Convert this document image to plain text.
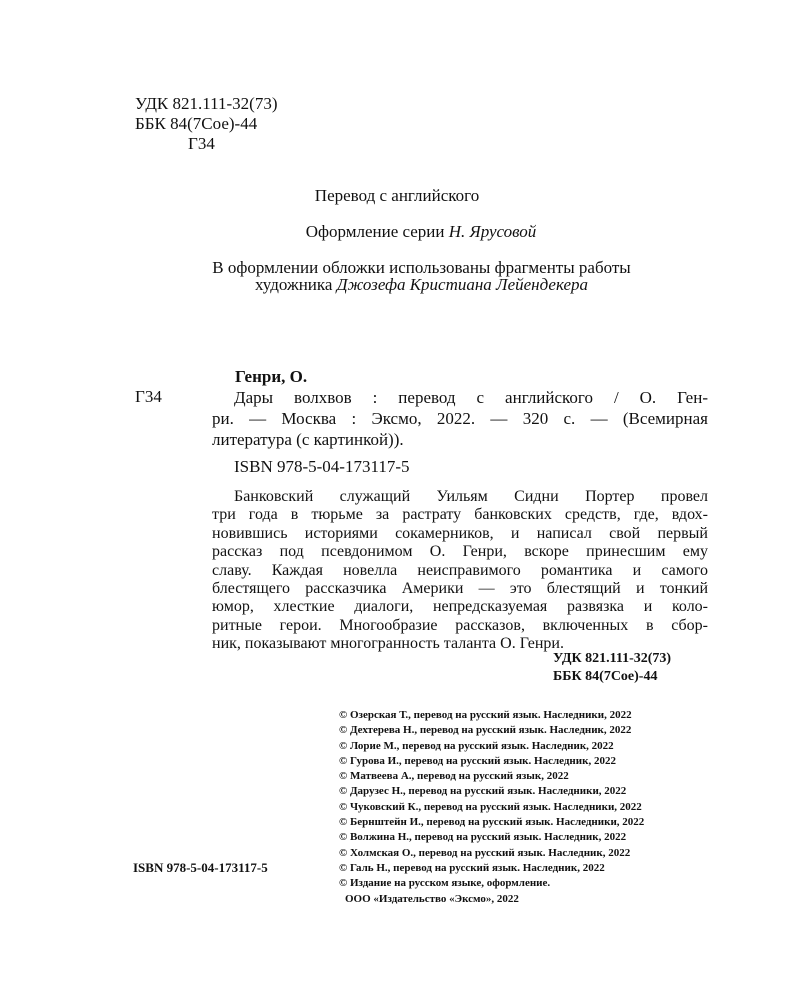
УДК 821.111-32(73)
ББК 84(7Сое)-44
Г34
Перевод с английского
Оформление серии Н. Ярусовой
В оформлении обложки использованы фрагменты работы
художника Джозефа Кристиана Лейендекера
Генри, О.
Г34	Дары волхвов : перевод с английского / О. Ген-
ри. — Москва : Эксмо, 2022. — 320 с. — (Всемирная
литература (с картинкой)).
ISBN 978-5-04-173117-5
Банковский служащий Уильям Сидни Портер провел
три года в тюрьме за растрату банковских средств, где, вдох-
новившись историями сокамерников, и написал свой первый
рассказ под псевдонимом О. Генри, вскоре принесшим ему
славу. Каждая новелла неисправимого романтика и самого
блестящего рассказчика Америки — это блестящий и тонкий
юмор, хлесткие диалоги, непредсказуемая развязка и коло-
ритные герои. Многообразие рассказов, включенных в сбор-
ник, показывают многогранность таланта О. Генри.
УДК 821.111-32(73)
ББК 84(7Сое)-44
© Озерская Т., перевод на русский язык. Наследники, 2022
© Дехтерева Н., перевод на русский язык. Наследник, 2022
© Лорие М., перевод на русский язык. Наследник, 2022
© Гурова И., перевод на русский язык. Наследник, 2022
© Матвеева А., перевод на русский язык, 2022
© Дарузес Н., перевод на русский язык. Наследники, 2022
© Чуковский К., перевод на русский язык. Наследники, 2022
© Бернштейн И., перевод на русский язык. Наследники, 2022
© Волжина Н., перевод на русский язык. Наследник, 2022
© Холмская О., перевод на русский язык. Наследник, 2022
© Галь Н., перевод на русский язык. Наследник, 2022
© Издание на русском языке, оформление.
ООО «Издательство «Эксмо», 2022
ISBN 978-5-04-173117-5
